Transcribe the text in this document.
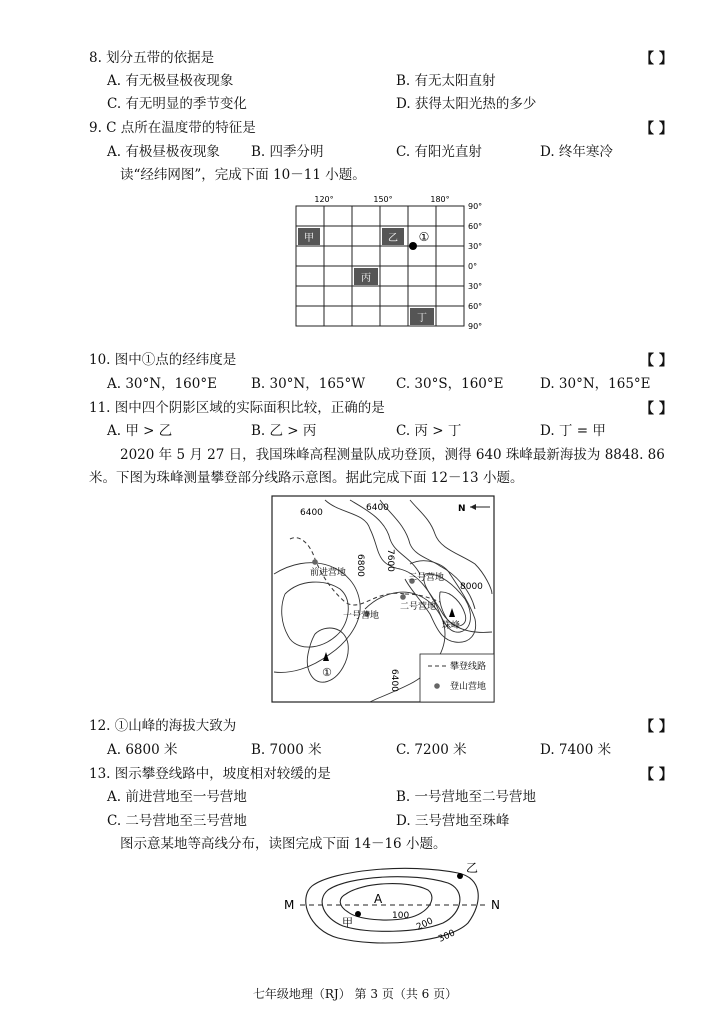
8. 划分五带的依据是	【 】
A. 有无极昼极夜现象	B. 有无太阳直射
C. 有无明显的季节变化	D. 获得太阳光热的多少
9. C 点所在温度带的特征是	【 】
A. 有极昼极夜现象 B. 四季分明	C. 有阳光直射	D. 终年寒冷
读“经纬网图”，完成下面 10－11 小题。
甲	乙
丙
丁
①
120°	150°	180°
90°
60°
30°
0°
30°
60°
90°
10. 图中①点的经纬度是	【 】
A. 30°N，160°E	B. 30°N，165°W C. 30°S，160°E	D. 30°N，165°E
11. 图中四个阴影区域的实际面积比较，正确的是	【 】
A. 甲 > 乙	B. 乙 > 丙	C. 丙 > 丁	D. 丁 = 甲
2020 年 5 月 27 日，我国珠峰高程测量队成功登顶，测得 640 珠峰最新海拔为 8848. 86
米。下图为珠峰测量攀登部分线路示意图。据此完成下面 12－13 小题。
6400	6400
6800 7600
8000
6400
N
前进营地
一号营地
二号营地
三号营地
珠峰
①	攀登线路
登山营地
12. ①山峰的海拔大致为	【 】
A. 6800 米	B. 7000 米	C. 7200 米	D. 7400 米
13. 图示攀登线路中，坡度相对较缓的是	【 】
A. 前进营地至一号营地	B. 一号营地至二号营地
C. 二号营地至三号营地	D. 三号营地至珠峰
图示意某地等高线分布，读图完成下面 14－16 小题。
M	N
A
甲
乙
100
200
300
七年级地理（RJ） 第 3 页（共 6 页）
